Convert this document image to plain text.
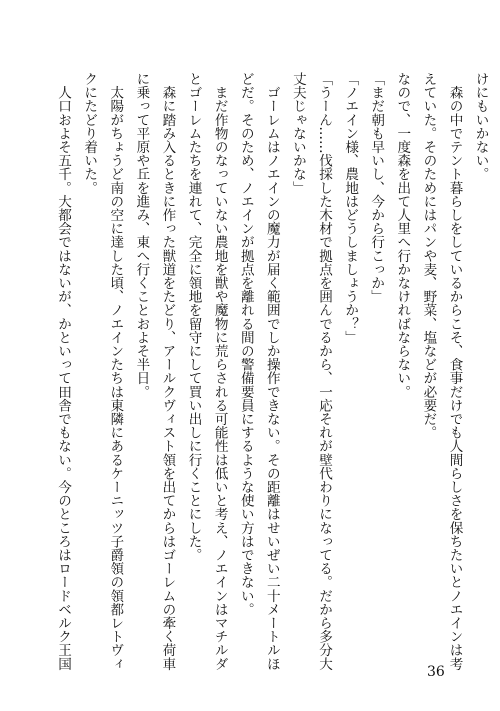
けにもいかない。

　森の中でテント暮らしをしているからこそ、食事だけでも人間らしさを保ちたいとノエインは考

えていた。そのためにはパンや麦、野菜、塩などが必要だ。

なので、一度森を出て人里へ行かなければならない。

「まだ朝も早いし、今から行こっか」

「ノエイン様、農地はどうしましょうか？」

「うーん……伐採した木材で拠点を囲んでるから、一応それが壁代わりになってる。だから多分大

丈夫じゃないかな」

　ゴーレムはノエインの魔力が届く範囲でしか操作できない。その距離はせいぜい二十メートルほ

どだ。そのため、ノエインが拠点を離れる間の警備要員にするような使い方はできない。

　まだ作物のなっていない農地を獣や魔物に荒らされる可能性は低いと考え、ノエインはマチルダ

とゴーレムたちを連れて、完全に領地を留守にして買い出しに行くことにした。

　森に踏み入るときに作った獣道をたどり、アールクヴィスト領を出てからはゴーレムの牽く荷車

に乗って平原や丘を進み、東へ行くことおよそ半日。

　太陽がちょうど南の空に達した頃、ノエインたちは東隣にあるケーニッツ子爵領の領都レトヴィ

クにたどり着いた。

　人口およそ五千。大都会ではないが、かといって田舎でもない。今のところはロードベルク王国

36
